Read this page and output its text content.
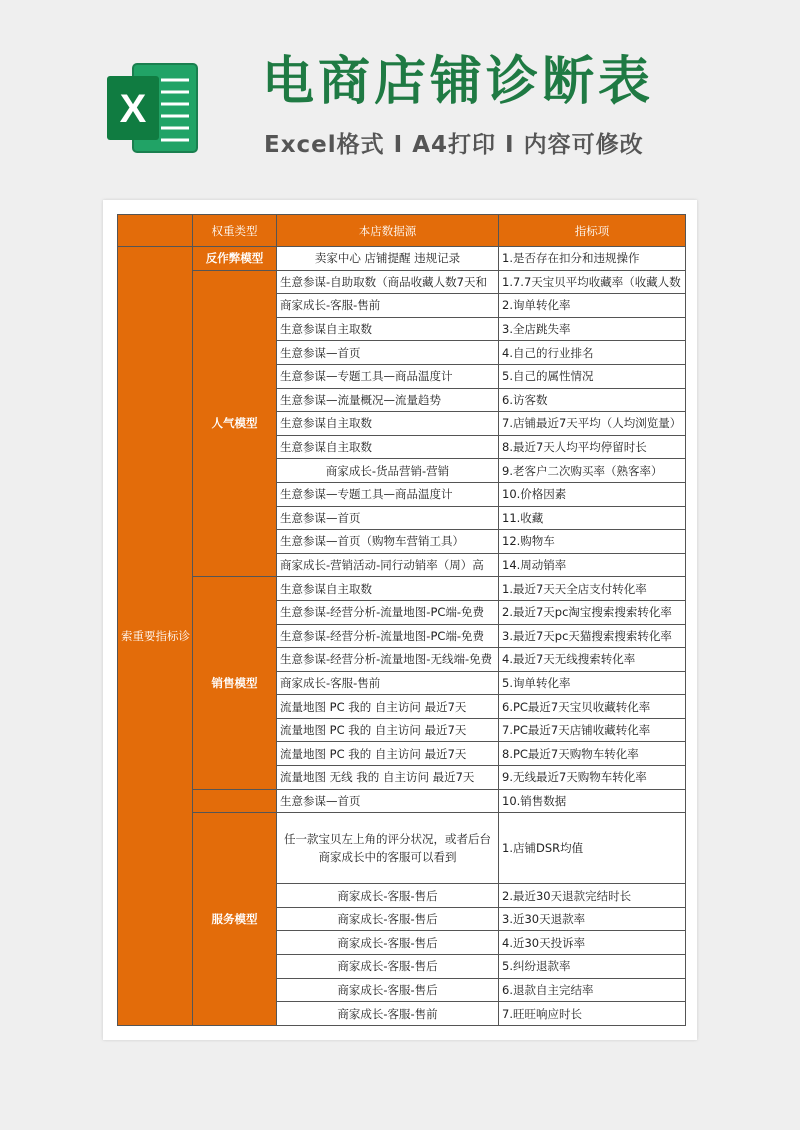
X 电商店铺诊断表
Excel格式 I A4打印 I 内容可修改
	权重类型	本店数据源	指标项
索重要指标诊	反作弊模型	卖家中心 店铺提醒 违规记录	1.是否存在扣分和违规操作
	人气模型	生意参谋-自助取数（商品收藏人数7天和	1.7.7天宝贝平均收藏率（收藏人数
		商家成长-客服-售前	2.询单转化率
		生意参谋自主取数	3.全店跳失率
		生意参谋—首页	4.自己的行业排名
		生意参谋—专题工具—商品温度计	5.自己的属性情况
		生意参谋—流量概况—流量趋势	6.访客数
		生意参谋自主取数	7.店铺最近7天平均（人均浏览量）
		生意参谋自主取数	8.最近7天人均平均停留时长
		商家成长-货品营销-营销	9.老客户二次购买率（熟客率）
		生意参谋—专题工具—商品温度计	10.价格因素
		生意参谋—首页	11.收藏
		生意参谋—首页（购物车营销工具）	12.购物车
		商家成长-营销活动-同行动销率（周）高	14.周动销率
	销售模型	生意参谋自主取数	1.最近7天天全店支付转化率
		生意参谋-经营分析-流量地图-PC端-免费	2.最近7天pc淘宝搜索搜索转化率
		生意参谋-经营分析-流量地图-PC端-免费	3.最近7天pc天猫搜索搜索转化率
		生意参谋-经营分析-流量地图-无线端-免费	4.最近7天无线搜索转化率
		商家成长-客服-售前	5.询单转化率
		流量地图 PC 我的 自主访问 最近7天	6.PC最近7天宝贝收藏转化率
		流量地图 PC 我的 自主访问 最近7天	7.PC最近7天店铺收藏转化率
		流量地图 PC 我的 自主访问 最近7天	8.PC最近7天购物车转化率
		流量地图 无线 我的 自主访问 最近7天	9.无线最近7天购物车转化率
		生意参谋—首页	10.销售数据
	服务模型	任一款宝贝左上角的评分状况，或者后台商家成长中的客服可以看到	1.店铺DSR均值
		商家成长-客服-售后	2.最近30天退款完结时长
		商家成长-客服-售后	3.近30天退款率
		商家成长-客服-售后	4.近30天投诉率
		商家成长-客服-售后	5.纠纷退款率
		商家成长-客服-售后	6.退款自主完结率
		商家成长-客服-售前	7.旺旺响应时长
